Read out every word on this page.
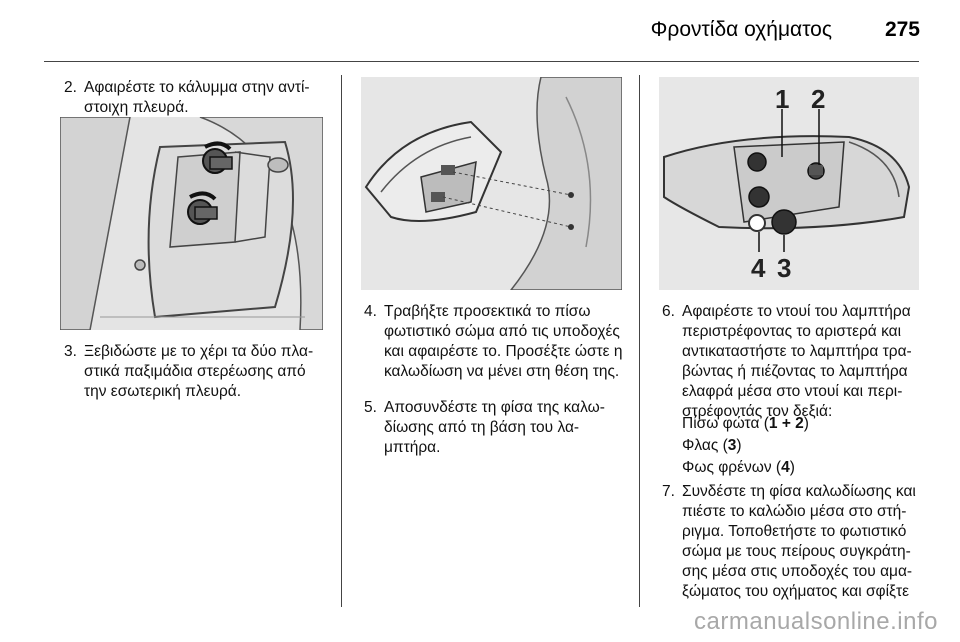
Φροντίδα οχήματος	275
2. Αφαιρέστε το κάλυμμα στην αντί-στοιχη πλευρά.
3. Ξεβιδώστε με το χέρι τα δύο πλα-στικά παξιμάδια στερέωσης από την εσωτερική πλευρά.
4. Τραβήξτε προσεκτικά το πίσω φωτιστικό σώμα από τις υποδοχές και αφαιρέστε το. Προσέξτε ώστε η καλωδίωση να μένει στη θέση της.
5. Αποσυνδέστε τη φίσα της καλω-δίωσης από τη βάση του λα-μπτήρα.
1 2
4 3
6. Αφαιρέστε το ντουί του λαμπτήρα περιστρέφοντας το αριστερά και αντικαταστήστε το λαμπτήρα τρα-βώντας ή πιέζοντας το λαμπτήρα ελαφρά μέσα στο ντουί και περι-στρέφοντάς τον δεξιά:
Πίσω φώτα (1 + 2)
Φλας (3)
Φως φρένων (4)
7. Συνδέστε τη φίσα καλωδίωσης και πιέστε το καλώδιο μέσα στο στή-ριγμα. Τοποθετήστε το φωτιστικό σώμα με τους πείρους συγκράτη-σης μέσα στις υποδοχές του αμα-ξώματος του οχήματος και σφίξτε
carmanualsonline.info
